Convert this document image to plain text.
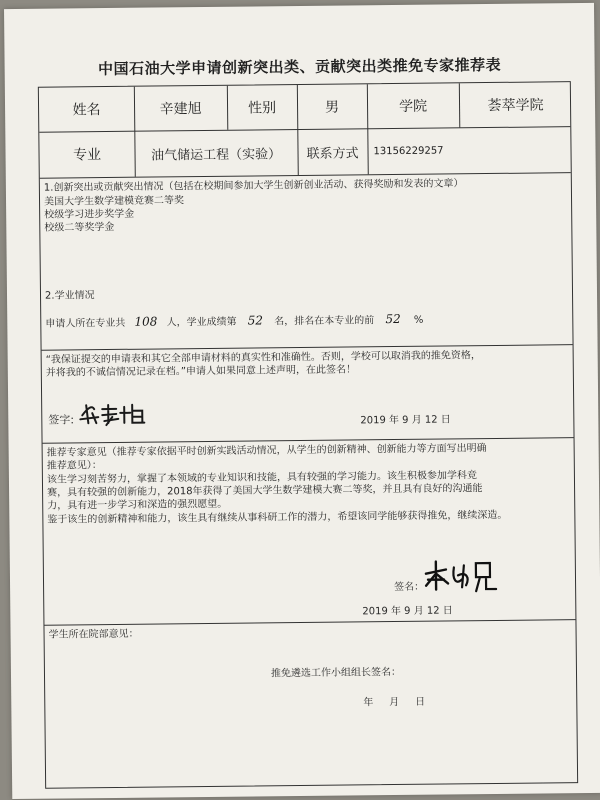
中国石油大学申请创新突出类、贡献突出类推免专家推荐表
姓名	辛建旭	性别	男	学院	荟萃学院
专业	油气储运工程（实验）	联系方式	13156229257
1.创新突出或贡献突出情况（包括在校期间参加大学生创新创业活动、获得奖励和发表的文章）
美国大学生数学建模竞赛二等奖
校级学习进步奖学金
校级二等奖学金
2.学业情况
申请人所在专业共 108 人，学业成绩第 52 名，排名在本专业的前 52 %
“我保证提交的申请表和其它全部申请材料的真实性和准确性。否则，学校可以取消我的推免资格，
并将我的不诚信情况记录在档。”申请人如果同意上述声明，在此签名！
签字:	2019 年 9 月 12 日
推荐专家意见（推荐专家依据平时创新实践活动情况，从学生的创新精神、创新能力等方面写出明确
推荐意见）：
该生学习刻苦努力，掌握了本领域的专业知识和技能，具有较强的学习能力。该生积极参加学科竞
赛，具有较强的创新能力，2018年获得了美国大学生数学建模大赛二等奖，并且具有良好的沟通能
力，具有进一步学习和深造的强烈愿望。
鉴于该生的创新精神和能力，该生具有继续从事科研工作的潜力，希望该同学能够获得推免，继续深造。
签名：
2019 年 9 月 12 日
学生所在院部意见：
推免遴选工作小组组长签名：
年     月     日
